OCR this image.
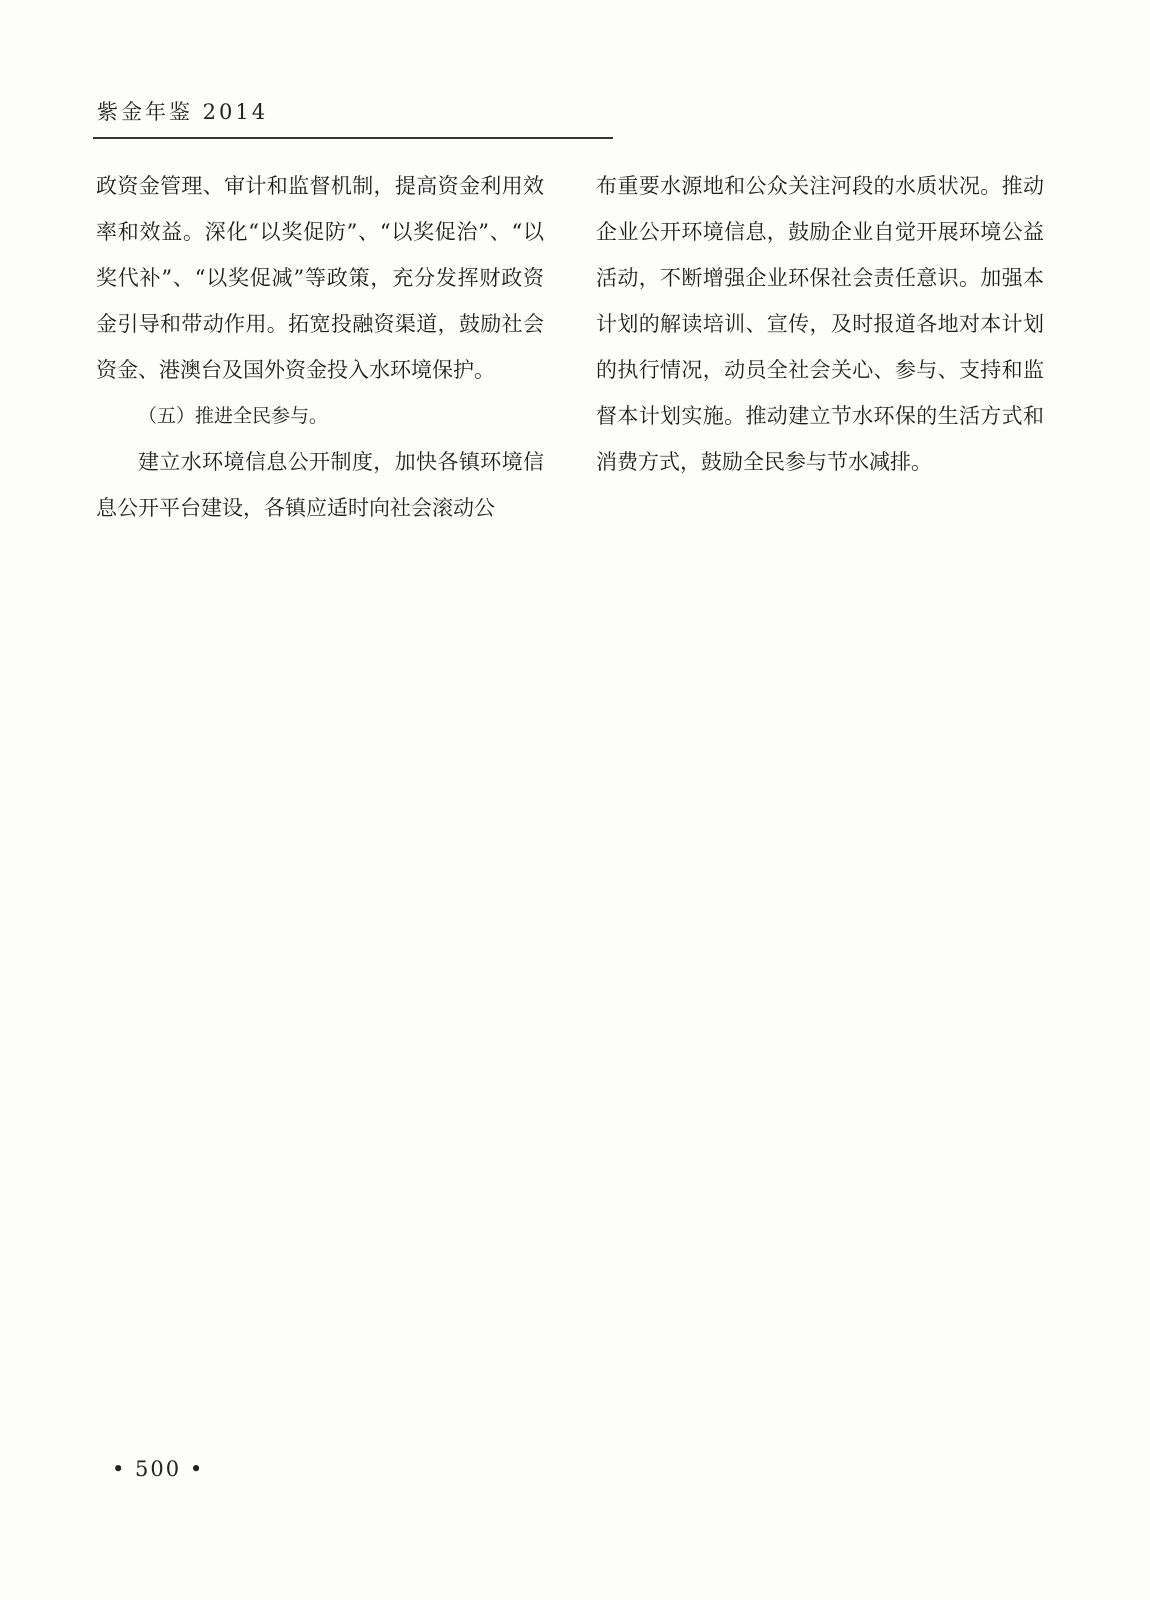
紫金年鉴 2014

政资金管理、审计和监督机制，提高资金利用效率和效益。深化“以奖促防”、“以奖促治”、“以奖代补”、“以奖促减”等政策，充分发挥财政资金引导和带动作用。拓宽投融资渠道，鼓励社会资金、港澳台及国外资金投入水环境保护。

（五）推进全民参与。

建立水环境信息公开制度，加快各镇环境信息公开平台建设，各镇应适时向社会滚动公

布重要水源地和公众关注河段的水质状况。推动企业公开环境信息，鼓励企业自觉开展环境公益活动，不断增强企业环保社会责任意识。加强本计划的解读培训、宣传，及时报道各地对本计划的执行情况，动员全社会关心、参与、支持和监督本计划实施。推动建立节水环保的生活方式和消费方式，鼓励全民参与节水减排。

• 500 •
